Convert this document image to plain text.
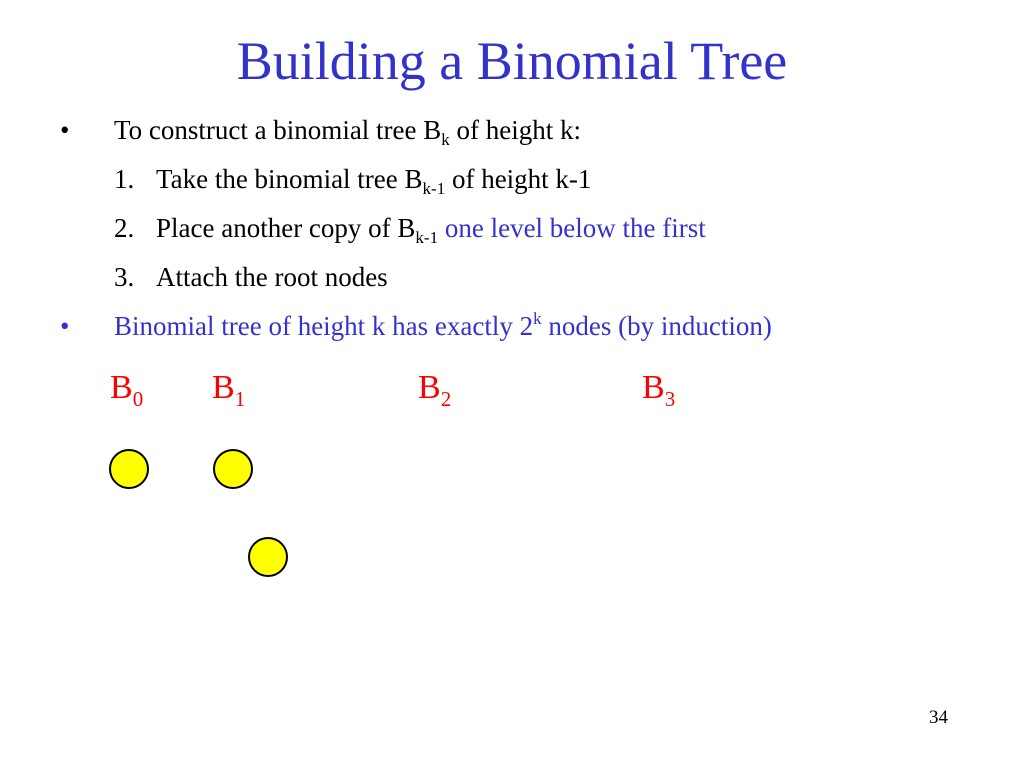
Building a Binomial Tree
• To construct a binomial tree $B_k$ of height k:
1. Take the binomial tree $B_{k-1}$ of height k-1
2. Place another copy of $B_{k-1}$ one level below the first
3. Attach the root nodes
• Binomial tree of height k has exactly 2$^k$ nodes (by induction)
$B_0$ $B_1$	$B_2$	$B_3$
34
